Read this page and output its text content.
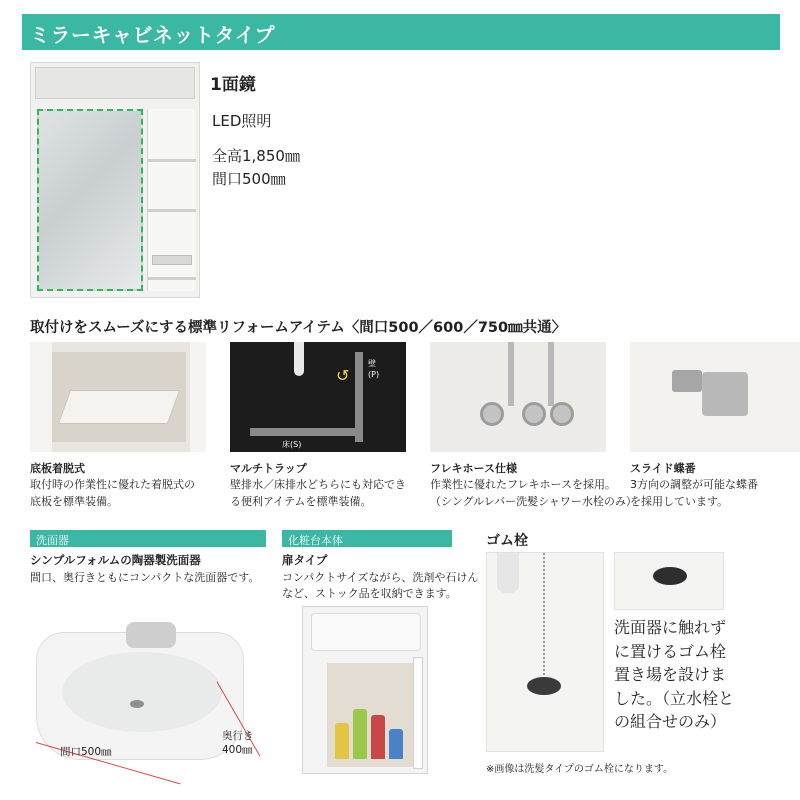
ミラーキャビネットタイプ
1面鏡
LED照明
全高1,850㎜
間口500㎜
取付けをスムーズにする標準リフォームアイテム〈間口500／600／750㎜共通〉
↺
壁
(P)
床(S)
底板着脱式
取付時の作業性に優れた着脱式の
底板を標準装備。
マルチトラップ
壁排水／床排水どちらにも対応でき
る便利アイテムを標準装備。
フレキホース仕様
作業性に優れたフレキホースを採用。
（シングルレバー洗髪シャワー水栓のみ）
スライド蝶番
3方向の調整が可能な蝶番
を採用しています。
洗面器
シンプルフォルムの陶器製洗面器
間口、奥行きともにコンパクトな洗面器です。
間口500㎜
奥行き
400㎜
化粧台本体
扉タイプ
コンパクトサイズながら、洗剤や石けん
など、ストック品を収納できます。
ゴム栓
洗面器に触れず
に置けるゴム栓
置き場を設けま
した。（立水栓と
の組合せのみ）
※画像は洗髪タイプのゴム栓になります。
